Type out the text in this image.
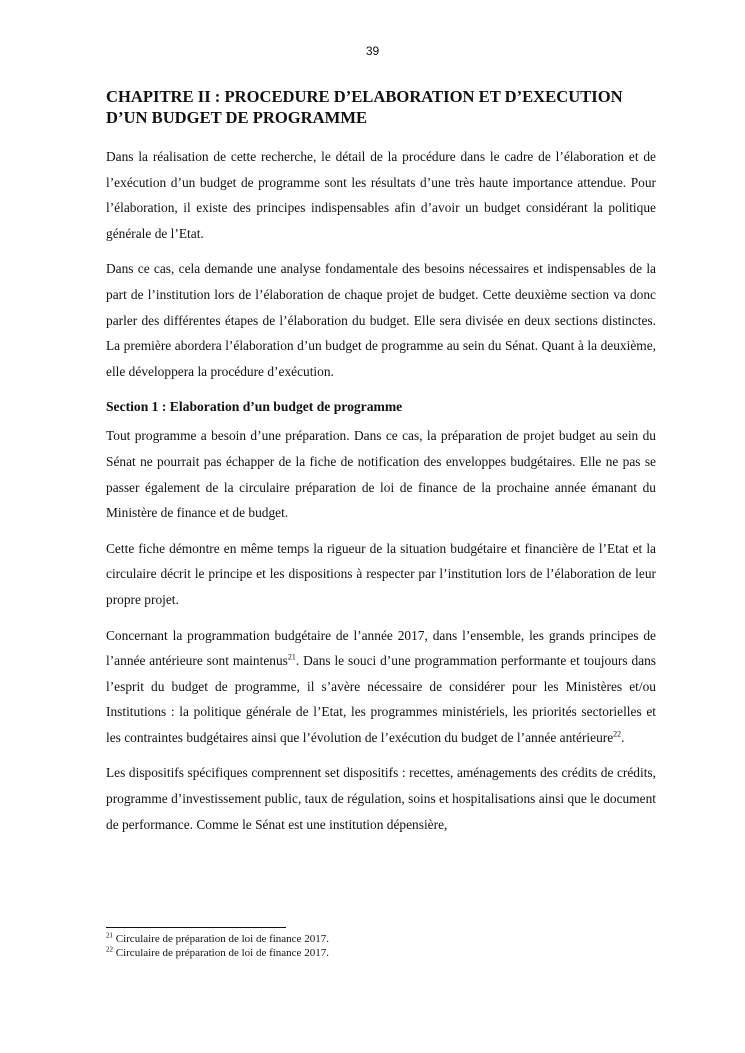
39
CHAPITRE II : PROCEDURE D’ELABORATION ET D’EXECUTION D’UN BUDGET DE PROGRAMME

Dans la réalisation de cette recherche, le détail de la procédure dans le cadre de l’élaboration et de l’exécution d’un budget de programme sont les résultats d’une très haute importance attendue. Pour l’élaboration, il existe des principes indispensables afin d’avoir un budget considérant la politique générale de l’Etat.

Dans ce cas, cela demande une analyse fondamentale des besoins nécessaires et indispensables de la part de l’institution lors de l’élaboration de chaque projet de budget. Cette deuxième section va donc parler des différentes étapes de l’élaboration du budget. Elle sera divisée en deux sections distinctes. La première abordera l’élaboration d’un budget de programme au sein du Sénat. Quant à la deuxième, elle développera la procédure d’exécution.

Section 1 : Elaboration d’un budget de programme

Tout programme a besoin d’une préparation. Dans ce cas, la préparation de projet budget au sein du Sénat ne pourrait pas échapper de la fiche de notification des enveloppes budgétaires. Elle ne pas se passer également de la circulaire préparation de loi de finance de la prochaine année émanant du Ministère de finance et de budget.

Cette fiche démontre en même temps la rigueur de la situation budgétaire et financière de l’Etat et la circulaire décrit le principe et les dispositions à respecter par l’institution lors de l’élaboration de leur propre projet.

Concernant la programmation budgétaire de l’année 2017, dans l’ensemble, les grands principes de l’année antérieure sont maintenus$^{21}$. Dans le souci d’une programmation performante et toujours dans l’esprit du budget de programme, il s’avère nécessaire de considérer pour les Ministères et/ou Institutions : la politique générale de l’Etat, les programmes ministériels, les priorités sectorielles et les contraintes budgétaires ainsi que l’évolution de l’exécution du budget de l’année antérieure$^{22}$.

Les dispositifs spécifiques comprennent set dispositifs : recettes, aménagements des crédits de crédits, programme d’investissement public, taux de régulation, soins et hospitalisations ainsi que le document de performance. Comme le Sénat est une institution dépensière,

$^{21}$ Circulaire de préparation de loi de finance 2017.

$^{22}$ Circulaire de préparation de loi de finance 2017.
